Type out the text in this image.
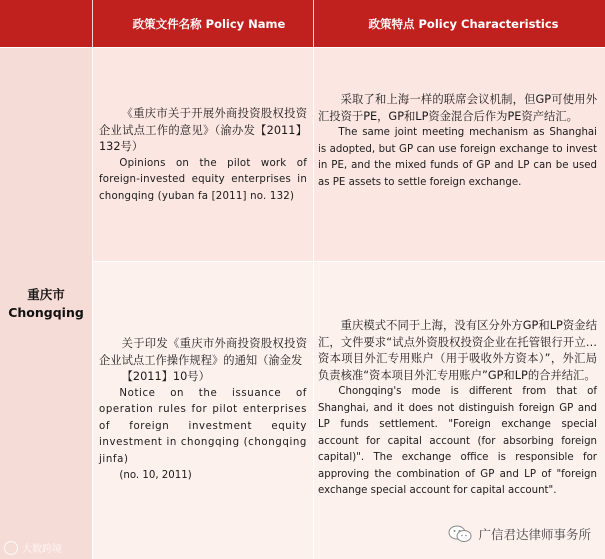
政策文件名称 Policy Name	政策特点 Policy Characteristics
重庆市
Chongqing

《重庆市关于开展外商投资股权投资企业试点工作的意见》（渝办发【2011】132号）

Opinions on the pilot work of foreign-invested equity enterprises in chongqing (yuban fa [2011] no. 132)

采取了和上海一样的联席会议机制，但GP可使用外汇投资于PE，GP和LP资金混合后作为PE资产结汇。

The same joint meeting mechanism as Shanghai is adopted, but GP can use foreign exchange to invest in PE, and the mixed funds of GP and LP can be used as PE assets to settle foreign exchange.

关于印发《重庆市外商投资股权投资企业试点工作操作规程》的通知（渝金发

【2011】10号）

Notice on the issuance of operation rules for pilot enterprises of foreign investment equity investment in chongqing (chongqing jinfa)

(no. 10, 2011)

重庆模式不同于上海，没有区分外方GP和LP资金结汇，文件要求“试点外资股权投资企业在托管银行开立…资本项目外汇专用账户（用于吸收外方资本）”，外汇局负责核准“资本项目外汇专用账户”GP和LP的合并结汇。

Chongqing's mode is different from that of Shanghai, and it does not distinguish foreign GP and LP funds settlement. "Foreign exchange special account for capital account (for absorbing foreign capital)". The exchange office is responsible for approving the combination of GP and LP of "foreign exchange special account for capital account".

大数跨境
广信君达律师事务所
